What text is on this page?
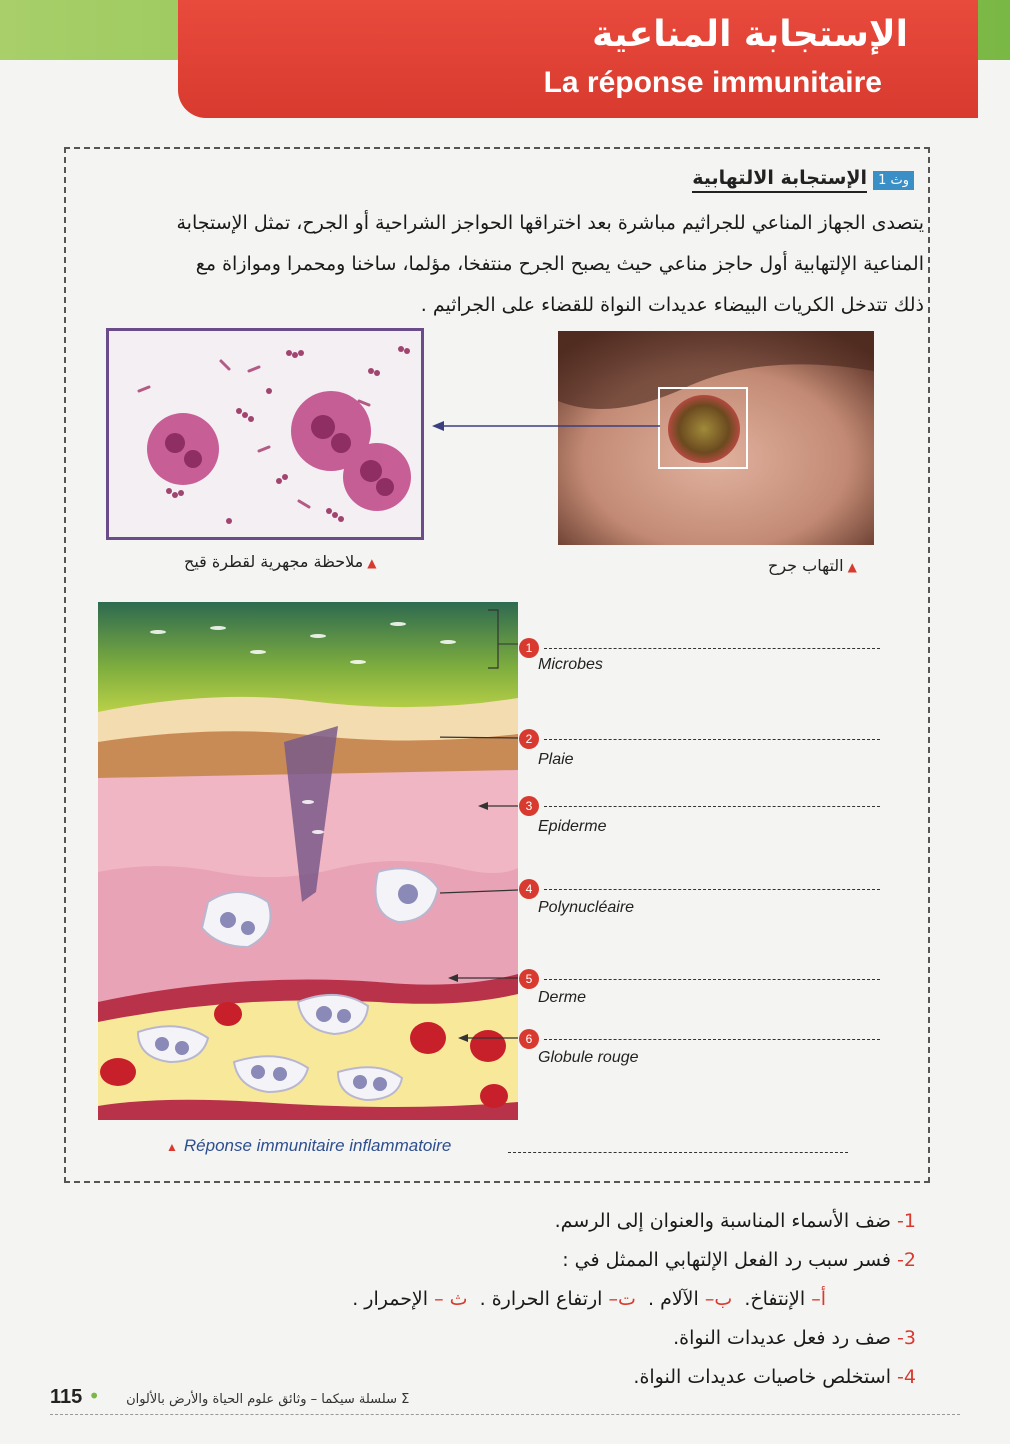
الإستجابة المناعية
La réponse immunitaire
وث 1
الإستجابة الالتهابية
يتصدى الجهاز المناعي للجراثيم مباشرة بعد اختراقها الحواجز الشراحية أو الجرح، تمثل الإستجابة
المناعية الإلتهابية أول حاجز مناعي حيث يصبح الجرح منتفخا، مؤلما، ساخنا ومحمرا وموازاة مع
ذلك تتدخل الكريات البيضاء عديدات النواة للقضاء على الجراثيم .
▲ملاحظة مجهرية لقطرة قيح	▲التهاب جرح
1
Microbes
2
Plaie
3
Epiderme
4
Polynucléaire
5
Derme
6
Globule rouge
▲ Réponse immunitaire inflammatoire
1- ضف الأسماء المناسبة والعنوان إلى الرسم.
2- فسر سبب رد الفعل الإلتهابي الممثل في :
أ– الإنتفاخ.  ب– الآلام .  ت– ارتفاع الحرارة .  ث – الإحمرار .
3- صف رد فعل عديدات النواة.
4- استخلص خاصيات عديدات النواة.
115 • Σ سلسلة سيكما – وثائق علوم الحياة والأرض بالألوان
